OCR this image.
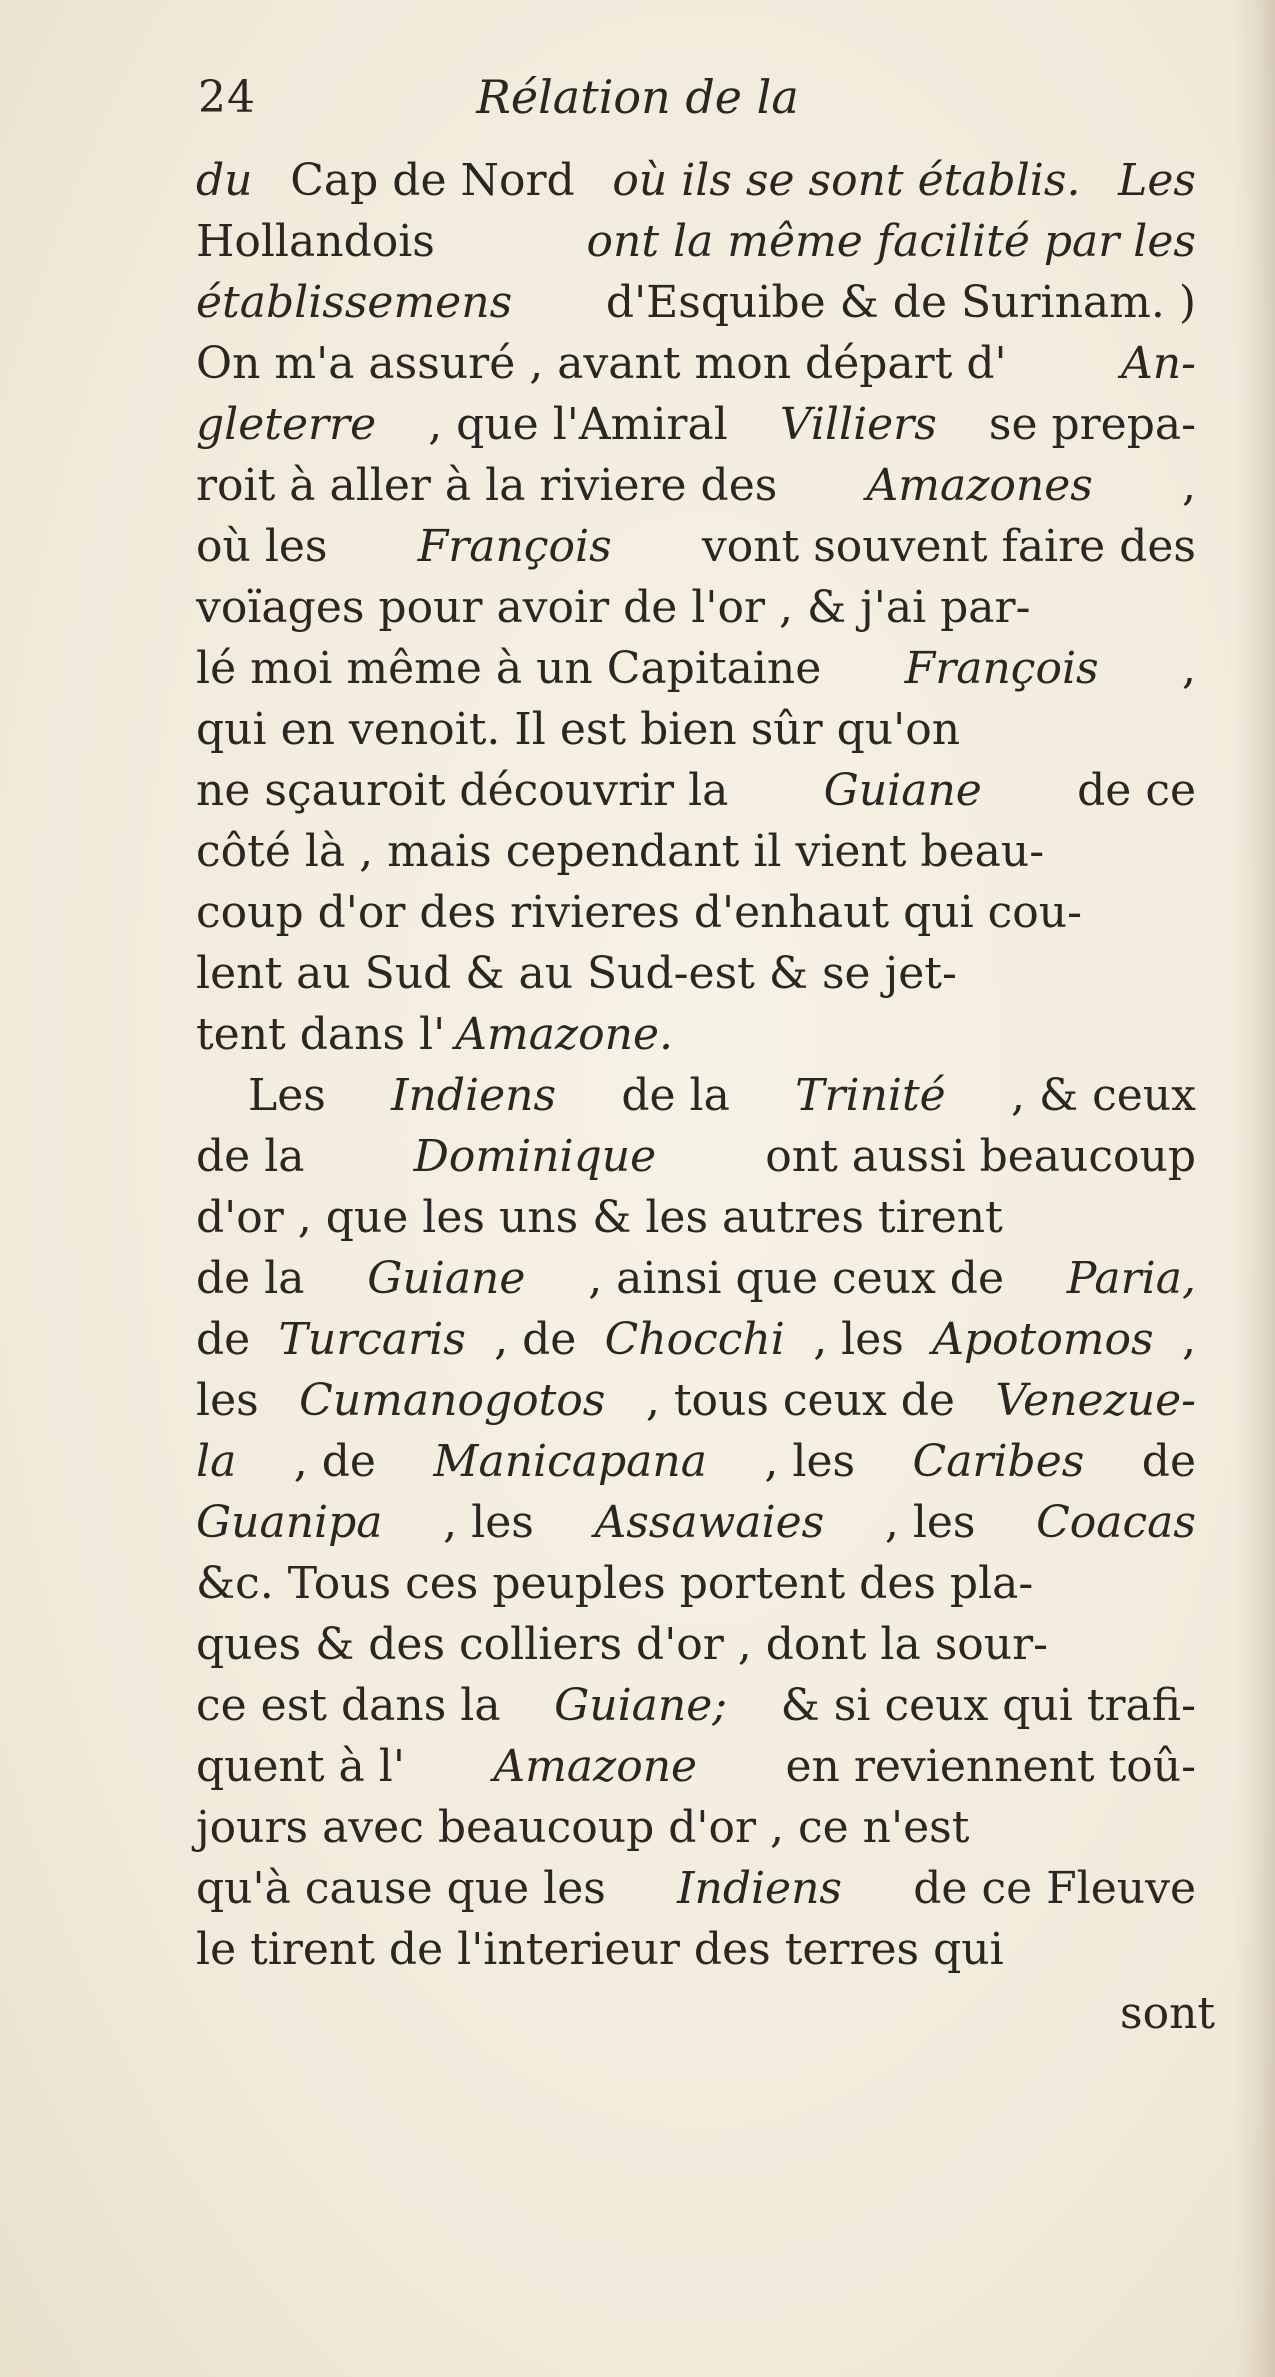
24	Rélation de la
du Cap de Nord où ils se sont établis. Les
Hollandois	ont la même facilité par les
établissemens d'Esquibe & de Surinam. )
On m'a assuré , avant mon départ d'	An-
gleterre , que l'Amiral Villiers se prepa-
roit à aller à la riviere des Amazones ,
où les François vont souvent faire des
voïages pour avoir de l'or , & j'ai par-
lé moi même à un Capitaine François ,
qui en venoit. Il est bien sûr qu'on
ne sçauroit découvrir la Guiane de ce
côté là , mais cependant il vient beau-
coup d'or des rivieres d'enhaut qui cou-
lent au Sud & au Sud-est & se jet-
tent dans l' Amazone.
Les Indiens de la Trinité , & ceux
de la Dominique ont aussi beaucoup
d'or , que les uns & les autres tirent
de la Guiane , ainsi que ceux de Paria,
de Turcaris , de Chocchi , les Apotomos ,
les Cumanogotos , tous ceux de Venezue-
la , de Manicapana , les Caribes de
Guanipa , les Assawaies , les Coacas
&c. Tous ces peuples portent des pla-
ques & des colliers d'or , dont la sour-
ce est dans la Guiane; & si ceux qui trafi-
quent à l' Amazone en reviennent toû-
jours avec beaucoup d'or , ce n'est
qu'à cause que les Indiens de ce Fleuve
le tirent de l'interieur des terres qui
sont
